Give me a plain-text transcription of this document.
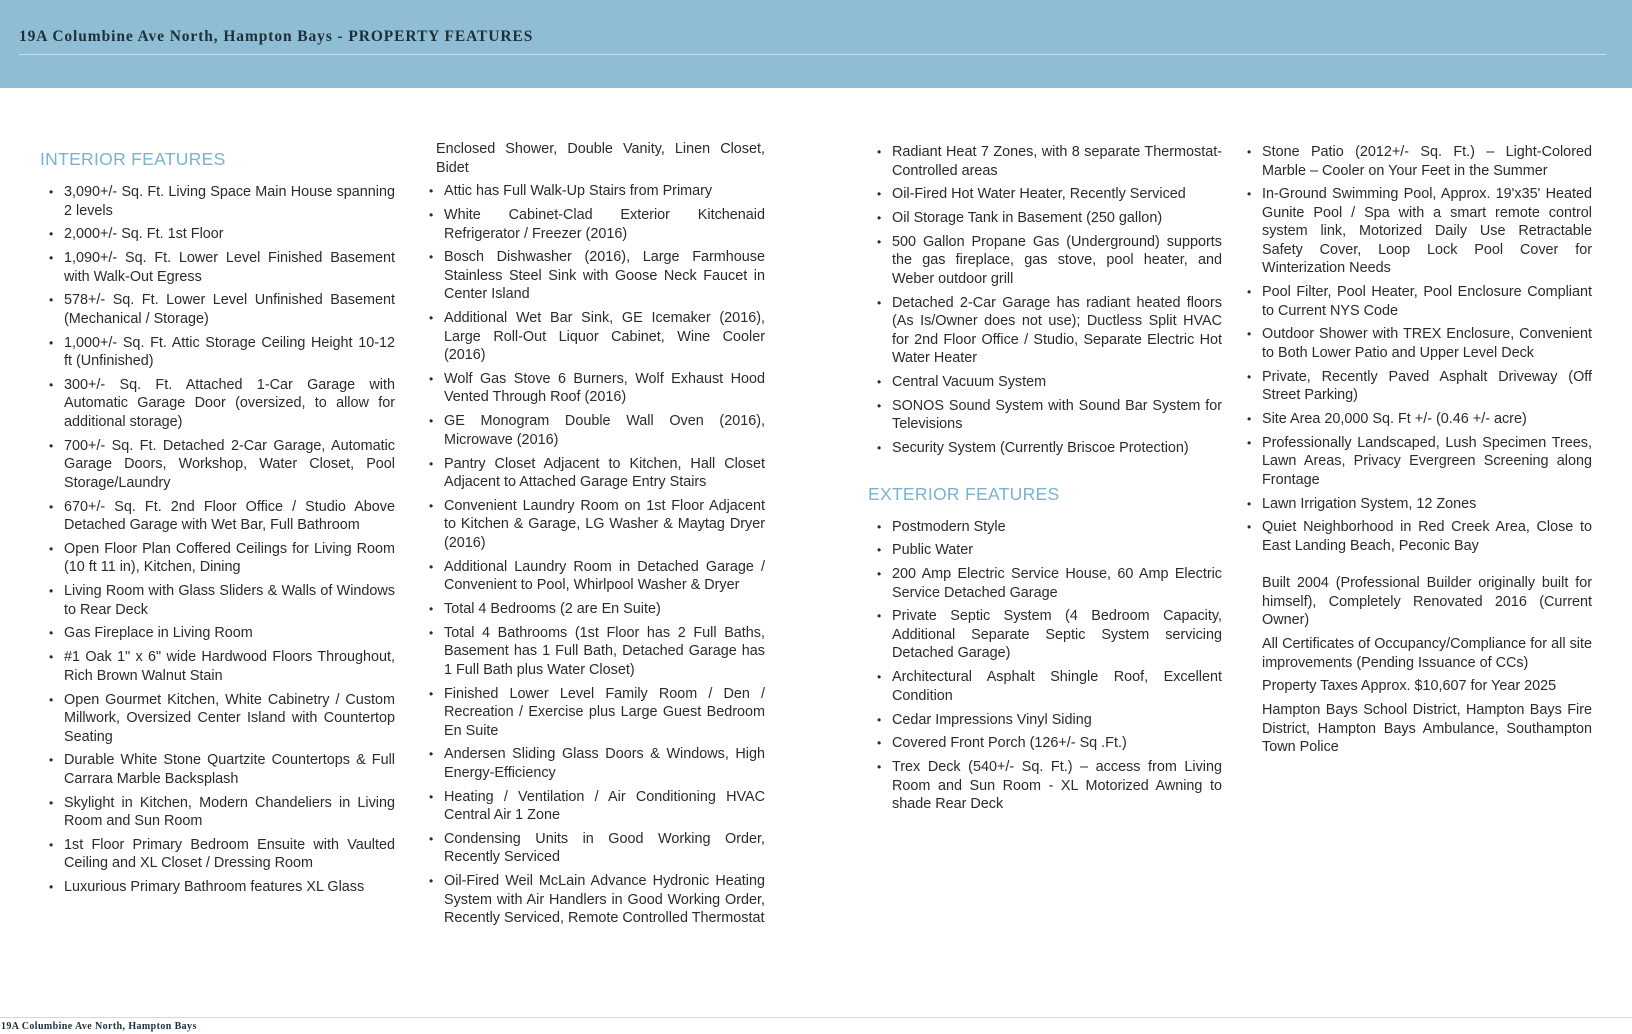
19A Columbine Ave North, Hampton Bays - PROPERTY FEATURES
INTERIOR FEATURES
• 3,090+/- Sq. Ft. Living Space Main House spanning 2 levels
• 2,000+/- Sq. Ft. 1st Floor
• 1,090+/- Sq. Ft. Lower Level Finished Basement with Walk-Out Egress
• 578+/- Sq. Ft. Lower Level Unfinished Basement (Mechanical / Storage)
• 1,000+/- Sq. Ft. Attic Storage Ceiling Height 10-12 ft (Unfinished)
• 300+/- Sq. Ft. Attached 1-Car Garage with Automatic Garage Door (oversized, to allow for additional storage)
• 700+/- Sq. Ft. Detached 2-Car Garage, Automatic Garage Doors, Workshop, Water Closet, Pool Storage/Laundry
• 670+/- Sq. Ft. 2nd Floor Office / Studio Above Detached Garage with Wet Bar, Full Bathroom
• Open Floor Plan Coffered Ceilings for Living Room (10 ft 11 in), Kitchen, Dining
• Living Room with Glass Sliders & Walls of Windows to Rear Deck
• Gas Fireplace in Living Room
• #1 Oak 1" x 6" wide Hardwood Floors Throughout, Rich Brown Walnut Stain
• Open Gourmet Kitchen, White Cabinetry / Custom Millwork, Oversized Center Island with Countertop Seating
• Durable White Stone Quartzite Countertops & Full Carrara Marble Backsplash
• Skylight in Kitchen, Modern Chandeliers in Living Room and Sun Room
• 1st Floor Primary Bedroom Ensuite with Vaulted Ceiling and XL Closet / Dressing Room
• Luxurious Primary Bathroom features XL Glass
Enclosed Shower, Double Vanity, Linen Closet, Bidet
• Attic has Full Walk-Up Stairs from Primary
• White Cabinet-Clad Exterior Kitchenaid Refrigerator / Freezer (2016)
• Bosch Dishwasher (2016), Large Farmhouse Stainless Steel Sink with Goose Neck Faucet in Center Island
• Additional Wet Bar Sink, GE Icemaker (2016), Large Roll-Out Liquor Cabinet, Wine Cooler (2016)
• Wolf Gas Stove 6 Burners, Wolf Exhaust Hood Vented Through Roof (2016)
• GE Monogram Double Wall Oven (2016), Microwave (2016)
• Pantry Closet Adjacent to Kitchen, Hall Closet Adjacent to Attached Garage Entry Stairs
• Convenient Laundry Room on 1st Floor Adjacent to Kitchen & Garage, LG Washer & Maytag Dryer (2016)
• Additional Laundry Room in Detached Garage / Convenient to Pool, Whirlpool Washer & Dryer
• Total 4 Bedrooms (2 are En Suite)
• Total 4 Bathrooms (1st Floor has 2 Full Baths, Basement has 1 Full Bath, Detached Garage has 1 Full Bath plus Water Closet)
• Finished Lower Level Family Room / Den / Recreation / Exercise plus Large Guest Bedroom En Suite
• Andersen Sliding Glass Doors & Windows, High Energy-Efficiency
• Heating / Ventilation / Air Conditioning HVAC Central Air 1 Zone
• Condensing Units in Good Working Order, Recently Serviced
• Oil-Fired Weil McLain Advance Hydronic Heating System with Air Handlers in Good Working Order, Recently Serviced, Remote Controlled Thermostat
• Radiant Heat 7 Zones, with 8 separate Thermostat-Controlled areas
• Oil-Fired Hot Water Heater, Recently Serviced
• Oil Storage Tank in Basement (250 gallon)
• 500 Gallon Propane Gas (Underground) supports the gas fireplace, gas stove, pool heater, and Weber outdoor grill
• Detached 2-Car Garage has radiant heated floors (As Is/Owner does not use); Ductless Split HVAC for 2nd Floor Office / Studio, Separate Electric Hot Water Heater
• Central Vacuum System
• SONOS Sound System with Sound Bar System for Televisions
• Security System (Currently Briscoe Protection)
EXTERIOR FEATURES
• Postmodern Style
• Public Water
• 200 Amp Electric Service House, 60 Amp Electric Service Detached Garage
• Private Septic System (4 Bedroom Capacity, Additional Separate Septic System servicing Detached Garage)
• Architectural Asphalt Shingle Roof, Excellent Condition
• Cedar Impressions Vinyl Siding
• Covered Front Porch (126+/- Sq .Ft.)
• Trex Deck (540+/- Sq. Ft.) – access from Living Room and Sun Room - XL Motorized Awning to shade Rear Deck
• Stone Patio (2012+/- Sq. Ft.) – Light-Colored Marble – Cooler on Your Feet in the Summer
• In-Ground Swimming Pool, Approx. 19'x35' Heated Gunite Pool / Spa with a smart remote control system link, Motorized Daily Use Retractable Safety Cover, Loop Lock Pool Cover for Winterization Needs
• Pool Filter, Pool Heater, Pool Enclosure Compliant to Current NYS Code
• Outdoor Shower with TREX Enclosure, Convenient to Both Lower Patio and Upper Level Deck
• Private, Recently Paved Asphalt Driveway (Off Street Parking)
• Site Area 20,000 Sq. Ft +/- (0.46 +/- acre)
• Professionally Landscaped, Lush Specimen Trees, Lawn Areas, Privacy Evergreen Screening along Frontage
• Lawn Irrigation System, 12 Zones
• Quiet Neighborhood in Red Creek Area, Close to East Landing Beach, Peconic Bay

Built 2004 (Professional Builder originally built for himself), Completely Renovated 2016 (Current Owner)

All Certificates of Occupancy/Compliance for all site improvements (Pending Issuance of CCs)

Property Taxes Approx. $10,607 for Year 2025

Hampton Bays School District, Hampton Bays Fire District, Hampton Bays Ambulance, Southampton Town Police

19A Columbine Ave North, Hampton Bays
